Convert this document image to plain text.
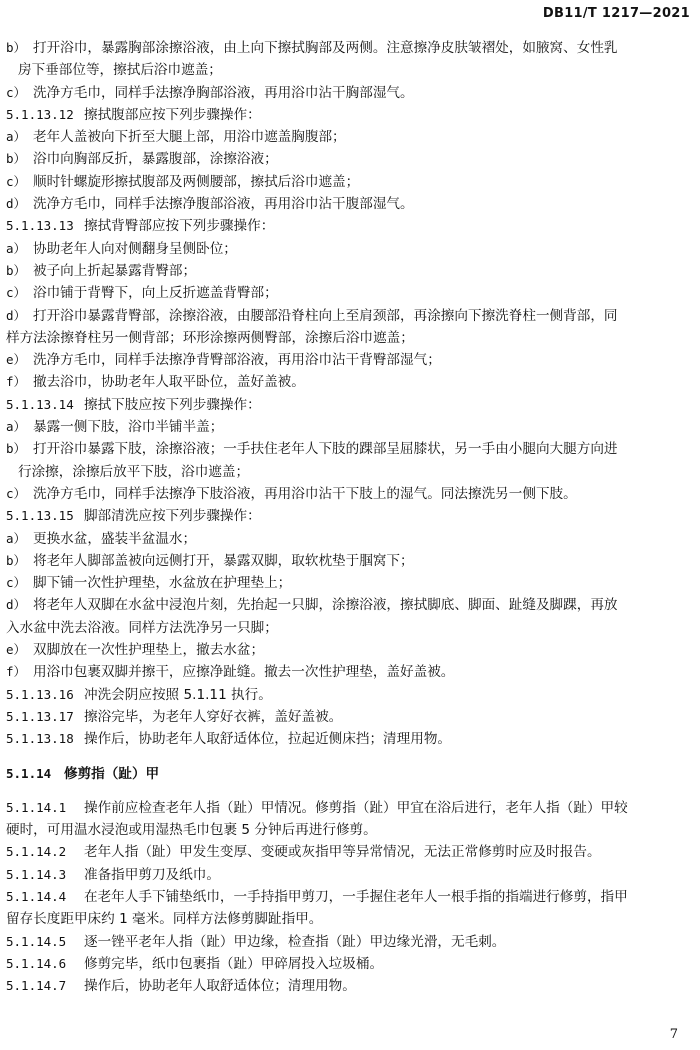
DB11/T 1217—2021
b） 打开浴巾，暴露胸部涂擦浴液，由上向下擦拭胸部及两侧。注意擦净皮肤皱褶处，如腋窝、女性乳
房下垂部位等，擦拭后浴巾遮盖；
c） 洗净方毛巾，同样手法擦净胸部浴液，再用浴巾沾干胸部湿气。
5.1.13.12 擦拭腹部应按下列步骤操作：
a） 老年人盖被向下折至大腿上部，用浴巾遮盖胸腹部；
b） 浴巾向胸部反折，暴露腹部，涂擦浴液；
c） 顺时针螺旋形擦拭腹部及两侧腰部，擦拭后浴巾遮盖；
d） 洗净方毛巾，同样手法擦净腹部浴液，再用浴巾沾干腹部湿气。
5.1.13.13 擦拭背臀部应按下列步骤操作：
a） 协助老年人向对侧翻身呈侧卧位；
b） 被子向上折起暴露背臀部；
c） 浴巾铺于背臀下，向上反折遮盖背臀部；
d） 打开浴巾暴露背臀部，涂擦浴液，由腰部沿脊柱向上至肩颈部，再涂擦向下擦洗脊柱一侧背部，同
样方法涂擦脊柱另一侧背部；环形涂擦两侧臀部，涂擦后浴巾遮盖；
e） 洗净方毛巾，同样手法擦净背臀部浴液，再用浴巾沾干背臀部湿气；
f） 撤去浴巾，协助老年人取平卧位，盖好盖被。
5.1.13.14 擦拭下肢应按下列步骤操作：
a） 暴露一侧下肢，浴巾半铺半盖；
b） 打开浴巾暴露下肢，涂擦浴液；一手扶住老年人下肢的踝部呈屈膝状，另一手由小腿向大腿方向进
行涂擦，涂擦后放平下肢，浴巾遮盖；
c） 洗净方毛巾，同样手法擦净下肢浴液，再用浴巾沾干下肢上的湿气。同法擦洗另一侧下肢。
5.1.13.15 脚部清洗应按下列步骤操作：
a） 更换水盆，盛装半盆温水；
b） 将老年人脚部盖被向远侧打开，暴露双脚，取软枕垫于腘窝下；
c） 脚下铺一次性护理垫，水盆放在护理垫上；
d） 将老年人双脚在水盆中浸泡片刻，先抬起一只脚，涂擦浴液，擦拭脚底、脚面、趾缝及脚踝，再放
入水盆中洗去浴液。同样方法洗净另一只脚；
e） 双脚放在一次性护理垫上，撤去水盆；
f） 用浴巾包裹双脚并擦干，应擦净趾缝。撤去一次性护理垫，盖好盖被。
5.1.13.16 冲洗会阴应按照 5.1.11 执行。
5.1.13.17 擦浴完毕，为老年人穿好衣裤，盖好盖被。
5.1.13.18 操作后，协助老年人取舒适体位，拉起近侧床挡；清理用物。
5.1.14 修剪指（趾）甲
5.1.14.1 操作前应检查老年人指（趾）甲情况。修剪指（趾）甲宜在浴后进行，老年人指（趾）甲较
硬时，可用温水浸泡或用湿热毛巾包裹 5 分钟后再进行修剪。
5.1.14.2 老年人指（趾）甲发生变厚、变硬或灰指甲等异常情况，无法正常修剪时应及时报告。
5.1.14.3 准备指甲剪刀及纸巾。
5.1.14.4 在老年人手下铺垫纸巾，一手持指甲剪刀，一手握住老年人一根手指的指端进行修剪，指甲
留存长度距甲床约 1 毫米。同样方法修剪脚趾指甲。
5.1.14.5 逐一锉平老年人指（趾）甲边缘，检查指（趾）甲边缘光滑，无毛刺。
5.1.14.6 修剪完毕，纸巾包裹指（趾）甲碎屑投入垃圾桶。
5.1.14.7 操作后，协助老年人取舒适体位；清理用物。
7
